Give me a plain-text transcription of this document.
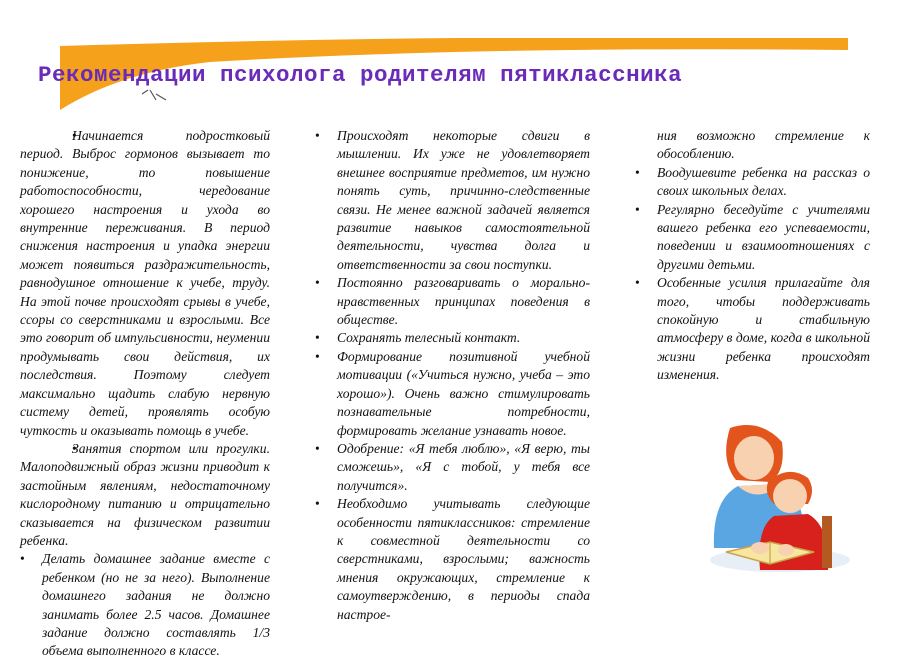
Рекомендации психолога родителям пятиклассника

• Начинается подростковый период. Выброс гормонов вызывает то понижение, то повышение работоспособности, чередование хорошего настроения и ухода во внутренние переживания. В период снижения настроения и упадка энергии может появиться раздражительность, равнодушное отношение к учебе, труду. На этой почве происходят срывы в учебе, ссоры со сверстниками и взрослыми. Все это говорит об импульсивности, неумении продумывать свои действия, их последствия. Поэтому следует максимально щадить слабую нервную систему детей, проявлять особую чуткость и оказывать помощь в учебе.

• Занятия спортом или прогулки. Малоподвижный образ жизни приводит к застойным явлениям, недостаточному кислородному питанию и отрицательно сказывается на физическом развитии ребенка.

• Делать домашнее задание вместе с ребенком (но не за него). Выполнение домашнего задания не должно занимать более 2.5 часов. Домашнее задание должно составлять 1/3 объема выполненного в классе.

• Происходят некоторые сдвиги в мышлении. Их уже не удовлетворяет внешнее восприятие предметов, им нужно понять суть, причинно-следственные связи. Не менее важной задачей является развитие навыков самостоятельной деятельности, чувства долга и ответственности за свои поступки.

• Постоянно разговаривать о морально-нравственных принципах поведения в обществе.

• Сохранять телесный контакт.

• Формирование позитивной учебной мотивации («Учиться нужно, учеба – это хорошо»). Очень важно стимулировать познавательные потребности, формировать желание узнавать новое.

• Одобрение: «Я тебя люблю», «Я верю, ты сможешь», «Я с тобой, у тебя все получится».

• Необходимо учитывать следующие особенности пятиклассников: стремление к совместной деятельности со сверстниками, взрослыми; важность мнения окружающих, стремление к самоутверждению, в периоды спада настрое-

ния возможно стремление к обособлению.

• Воодушевите ребенка на рассказ о своих школьных делах.

• Регулярно беседуйте с учителями вашего ребенка его успеваемости, поведении и взаимоотношениях с другими детьми.

• Особенные усилия прилагайте для того, чтобы поддерживать спокойную и стабильную атмосферу в доме, когда в школьной жизни ребенка происходят изменения.
